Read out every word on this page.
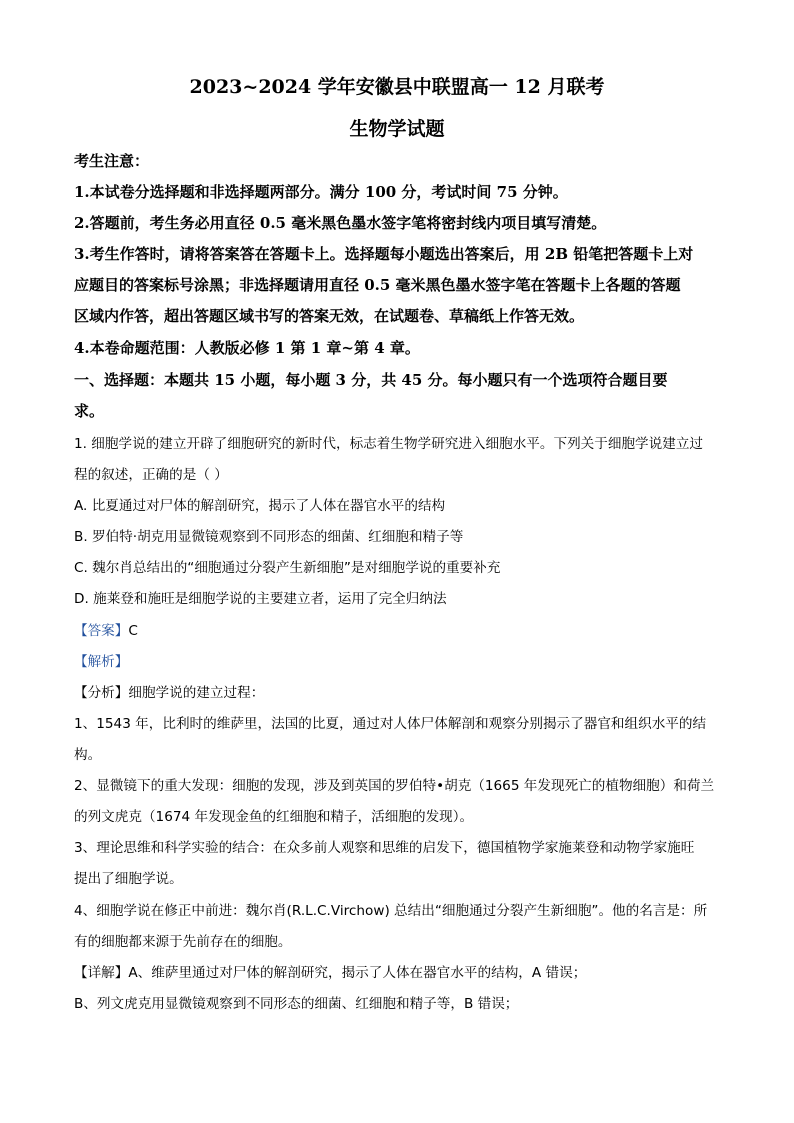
2023~2024 学年安徽县中联盟高一 12 月联考
生物学试题
考生注意：
1.本试卷分选择题和非选择题两部分。满分 100 分，考试时间 75 分钟。
2.答题前，考生务必用直径 0.5 毫米黑色墨水签字笔将密封线内项目填写清楚。
3.考生作答时，请将答案答在答题卡上。选择题每小题选出答案后，用 2B 铅笔把答题卡上对
应题目的答案标号涂黑；非选择题请用直径 0.5 毫米黑色墨水签字笔在答题卡上各题的答题
区域内作答，超出答题区域书写的答案无效，在试题卷、草稿纸上作答无效。
4.本卷命题范围：人教版必修 1 第 1 章~第 4 章。
一、选择题：本题共 15 小题，每小题 3 分，共 45 分。每小题只有一个选项符合题目要
求。
1. 细胞学说的建立开辟了细胞研究的新时代，标志着生物学研究进入细胞水平。下列关于细胞学说建立过
程的叙述，正确的是（ ）
A. 比夏通过对尸体的解剖研究，揭示了人体在器官水平的结构
B. 罗伯特·胡克用显微镜观察到不同形态的细菌、红细胞和精子等
C. 魏尔肖总结出的“细胞通过分裂产生新细胞”是对细胞学说的重要补充
D. 施莱登和施旺是细胞学说的主要建立者，运用了完全归纳法
【答案】C
【解析】
【分析】细胞学说的建立过程：
1、1543 年，比利时的维萨里，法国的比夏，通过对人体尸体解剖和观察分别揭示了器官和组织水平的结
构。
2、显微镜下的重大发现：细胞的发现，涉及到英国的罗伯特•胡克（1665 年发现死亡的植物细胞）和荷兰
的列文虎克（1674 年发现金鱼的红细胞和精子，活细胞的发现）。
3、理论思维和科学实验的结合：在众多前人观察和思维的启发下，德国植物学家施莱登和动物学家施旺
提出了细胞学说。
4、细胞学说在修正中前进：魏尔肖(R.L.C.Virchow) 总结出“细胞通过分裂产生新细胞”。他的名言是：所
有的细胞都来源于先前存在的细胞。
【详解】A、维萨里通过对尸体的解剖研究，揭示了人体在器官水平的结构，A 错误；
B、列文虎克用显微镜观察到不同形态的细菌、红细胞和精子等，B 错误；
